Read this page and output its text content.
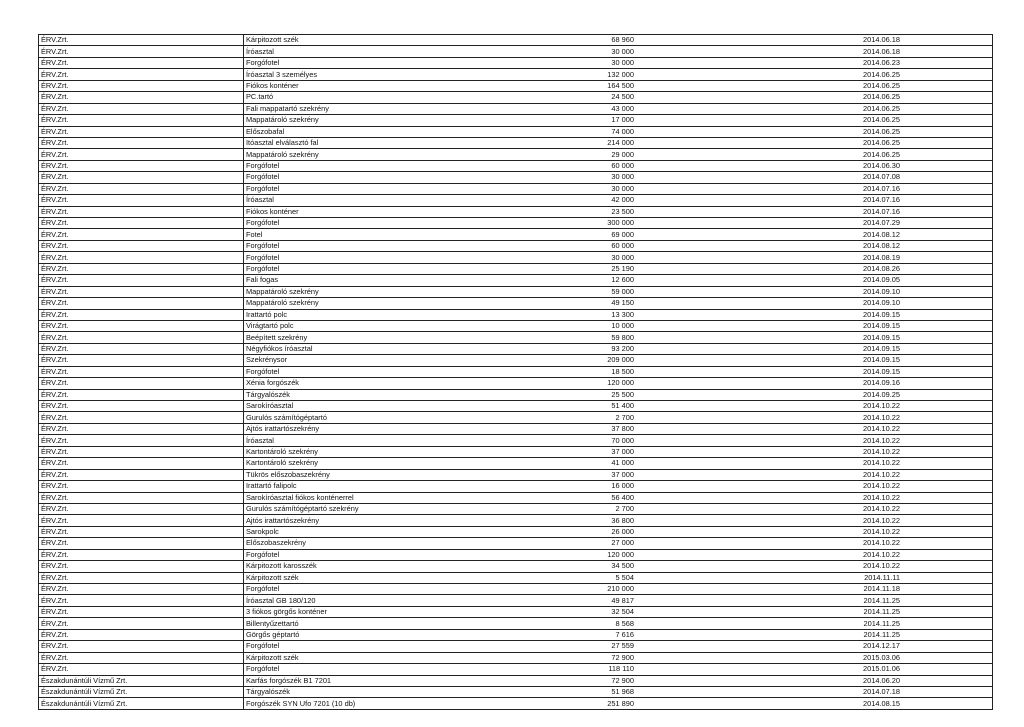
ÉRV.Zrt.	Kárpitozott szék	68 960	2014.06.18
ÉRV.Zrt.	Íróasztal	30 000	2014.06.18
ÉRV.Zrt.	Forgófotel	30 000	2014.06.23
ÉRV.Zrt.	Íróasztal 3 személyes	132 000	2014.06.25
ÉRV.Zrt.	Fiókos konténer	164 500	2014.06.25
ÉRV.Zrt.	PC.tartó	24 500	2014.06.25
ÉRV.Zrt.	Fali mappatartó szekrény	43 000	2014.06.25
ÉRV.Zrt.	Mappatároló szekrény	17 000	2014.06.25
ÉRV.Zrt.	Előszobafal	74 000	2014.06.25
ÉRV.Zrt.	Itóasztal elválasztó fal	214 000	2014.06.25
ÉRV.Zrt.	Mappatároló szekrény	29 000	2014.06.25
ÉRV.Zrt.	Forgófotel	60 000	2014.06.30
ÉRV.Zrt.	Forgófotel	30 000	2014.07.08
ÉRV.Zrt.	Forgófotel	30 000	2014.07.16
ÉRV.Zrt.	Íróasztal	42 000	2014.07.16
ÉRV.Zrt.	Fiókos konténer	23 500	2014.07.16
ÉRV.Zrt.	Forgófotel	300 000	2014.07.29
ÉRV.Zrt.	Fotel	69 000	2014.08.12
ÉRV.Zrt.	Forgófotel	60 000	2014.08.12
ÉRV.Zrt.	Forgófotel	30 000	2014.08.19
ÉRV.Zrt.	Forgófotel	25 190	2014.08.26
ÉRV.Zrt.	Fali fogas	12 600	2014.09.05
ÉRV.Zrt.	Mappatároló szekrény	59 000	2014.09.10
ÉRV.Zrt.	Mappatároló szekrény	49 150	2014.09.10
ÉRV.Zrt.	Irattartó polc	13 300	2014.09.15
ÉRV.Zrt.	Virágtartó polc	10 000	2014.09.15
ÉRV.Zrt.	Beépített szekrény	59 800	2014.09.15
ÉRV.Zrt.	Négyfiókos íróasztal	93 200	2014.09.15
ÉRV.Zrt.	Szekrénysor	209 000	2014.09.15
ÉRV.Zrt.	Forgófotel	18 500	2014.09.15
ÉRV.Zrt.	Xénia forgószék	120 000	2014.09.16
ÉRV.Zrt.	Tárgyalószék	25 500	2014.09.25
ÉRV.Zrt.	Sarokíróasztal	51 400	2014.10.22
ÉRV.Zrt.	Gurulós számítógéptartó	2 700	2014.10.22
ÉRV.Zrt.	Ajtós irattartószekrény	37 800	2014.10.22
ÉRV.Zrt.	Íróasztal	70 000	2014.10.22
ÉRV.Zrt.	Kartontároló szekrény	37 000	2014.10.22
ÉRV.Zrt.	Kartontároló szekrény	41 000	2014.10.22
ÉRV.Zrt.	Tükrös előszobaszekrény	37 000	2014.10.22
ÉRV.Zrt.	Irattartó falipolc	16 000	2014.10.22
ÉRV.Zrt.	Sarokíróasztal fiókos konténerrel	56 400	2014.10.22
ÉRV.Zrt.	Gurulós számítógéptartó szekrény	2 700	2014.10.22
ÉRV.Zrt.	Ajtós irattartószekrény	36 800	2014.10.22
ÉRV.Zrt.	Sarokpolc	26 000	2014.10.22
ÉRV.Zrt.	Előszobaszekrény	27 000	2014.10.22
ÉRV.Zrt.	Forgófotel	120 000	2014.10.22
ÉRV.Zrt.	Kárpitozott karosszék	34 500	2014.10.22
ÉRV.Zrt.	Kárpitozott szék	5 504	2014.11.11
ÉRV.Zrt.	Forgófotel	210 000	2014.11.18
ÉRV.Zrt.	Íróasztal GB 180/120	49 817	2014.11.25
ÉRV.Zrt.	3 fiókos görgős konténer	32 504	2014.11.25
ÉRV.Zrt.	Billentyűzettartó	8 568	2014.11.25
ÉRV.Zrt.	Görgős géptartó	7 616	2014.11.25
ÉRV.Zrt.	Forgófotel	27 559	2014.12.17
ÉRV.Zrt.	Kárpitozott szék	72 900	2015.03.06
ÉRV.Zrt.	Forgófotel	118 110	2015.01.06
Északdunántúli Vízmű Zrt.	Karfás forgószék B1 7201	72 900	2014.06.20
Északdunántúli Vízmű Zrt.	Tárgyalószék	51 968	2014.07.18
Északdunántúli Vízmű Zrt.	Forgószék SYN Ufo 7201 (10 db)	251 890	2014.08.15
